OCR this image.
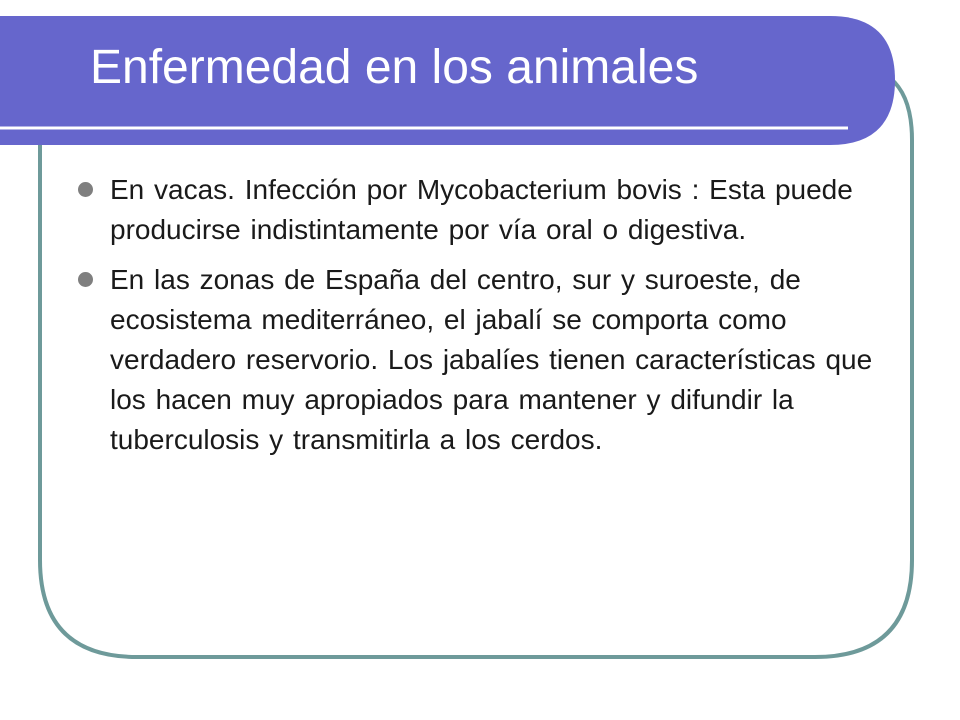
Enfermedad en los animales
En vacas. Infección por Mycobacterium bovis : Esta puede producirse indistintamente por vía oral o digestiva.
En las zonas de España del centro, sur y suroeste, de ecosistema mediterráneo, el jabalí se comporta como verdadero reservorio. Los jabalíes tienen características que los hacen muy apropiados para mantener y difundir la tuberculosis y transmitirla a los cerdos.
